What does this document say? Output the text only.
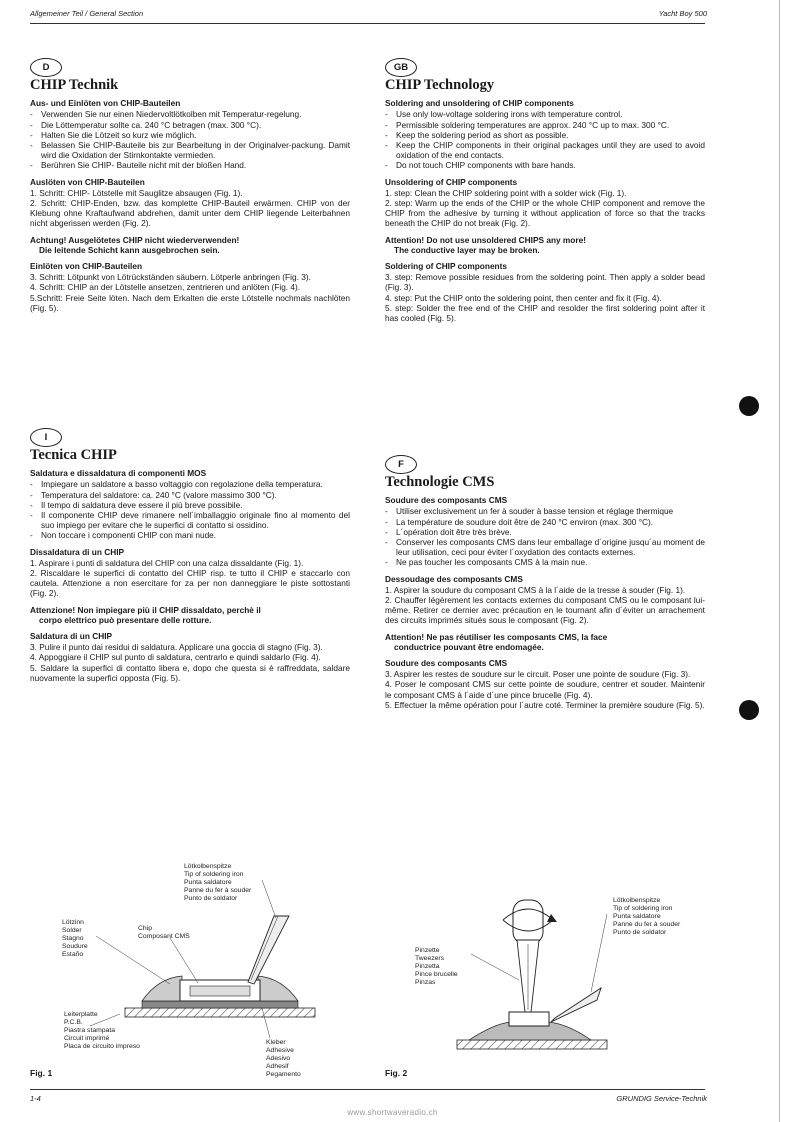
Allgemeiner Teil / General Section	Yacht Boy 500
D
CHIP Technik
Aus- und Einlöten von CHIP-Bauteilen
- Verwenden Sie nur einen Niedervoltlötkolben mit Temperatur-regelung.
- Die Löttemperatur sollte ca. 240 °C betragen (max. 300 °C).
- Halten Sie die Lötzeit so kurz wie möglich.
- Belassen Sie CHIP-Bauteile bis zur Bearbeitung in der Originalver-packung. Damit wird die Oxidation der Stirnkontakte vermieden.
- Berühren Sie CHIP- Bauteile nicht mit der bloßen Hand.
Auslöten von CHIP-Bauteilen
1. Schritt: CHIP- Lötstelle mit Sauglitze absaugen (Fig. 1).
2. Schritt: CHIP-Enden, bzw. das komplette CHIP-Bauteil erwärmen. CHIP von der Klebung ohne Kraftaufwand abdrehen, damit unter dem CHIP liegende Leiterbahnen nicht abgerissen werden (Fig. 2).
Achtung! Ausgelötetes CHIP nicht wiederverwenden!
Die leitende Schicht kann ausgebrochen sein.
Einlöten von CHIP-Bauteilen
3. Schritt: Lötpunkt von Lötrückständen säubern. Lötperle anbringen (Fig. 3).
4. Schritt: CHIP an der Lötstelle ansetzen, zentrieren und anlöten (Fig. 4).
5.Schritt: Freie Seite löten. Nach dem Erkalten die erste Lötstelle nochmals nachlöten (Fig. 5).
I
Tecnica CHIP
Saldatura e dissaldatura di componenti MOS
- Impiegare un saldatore a basso voltaggio con regolazione della temperatura.
- Temperatura del saldatore: ca. 240 °C (valore massimo 300 °C).
- Il tempo di saldatura deve essere il più breve possibile.
- Il componente CHIP deve rimanere nell´imballaggio originale fino al momento del suo impiego per evitare che le superfici di contatto si ossidino.
- Non toccare i componenti CHIP con mani nude.
Dissaldatura di un CHIP
1. Aspirare i punti di saldatura del CHIP con una calza dissaldante (Fig. 1).
2. Riscaldare le superfici di contatto del CHIP risp. te tutto il CHIP e staccarlo con cautela. Attenzione a non esercitare for za per non danneggiare le piste sottostanti (Fig. 2).
Attenzione! Non impiegare più il CHIP dissaldato, perchè il
corpo elettrico può presentare delle rotture.
Saldatura di un CHIP
3. Pulire il punto dai residui di saldatura. Applicare una goccia di stagno (Fig. 3).
4. Appoggiare il CHIP sul punto di saldatura, centrarlo e quindi saldarlo (Fig. 4).
5. Saldare la superfici di contatto libera e, dopo che questa si è raffreddata, saldare nuovamente la superfici opposta (Fig. 5).
GB
CHIP Technology
Soldering and unsoldering of CHIP components
- Use only low-voltage soldering irons with temperature control.
- Permissible soldering temperatures are approx. 240 °C up to max. 300 °C.
- Keep the soldering period as short as possible.
- Keep the CHIP components in their original packages until they are used to avoid oxidation of the end contacts.
- Do not touch CHIP components with bare hands.
Unsoldering of CHIP components
1. step: Clean the CHIP soldering point with a solder wick (Fig. 1).
2. step: Warm up the ends of the CHIP or the whole CHIP component and remove the CHIP from the adhesive by turning it without application of force so that the tracks beneath the CHIP do not break (Fig. 2).
Attention! Do not use unsoldered CHIPS any more!
The conductive layer may be broken.
Soldering of CHIP components
3. step: Remove possible residues from the soldering point. Then apply a solder bead (Fig. 3).
4. step: Put the CHIP onto the soldering point, then center and fix it (Fig. 4).
5. step: Solder the free end of the CHIP and resolder the first soldering point after it has cooled (Fig. 5).
F
Technologie CMS
Soudure des composants CMS
- Utiliser exclusivement un fer à souder à basse tension et réglage thermique
- La température de soudure doit être de 240 °C environ (max. 300 °C).
- L´opération doit être très brève.
- Conserver les composants CMS dans leur emballage d´origine jusqu´au moment de leur utilisation, ceci pour éviter l´oxydation des contacts externes.
- Ne pas toucher les composants CMS à la main nue.
Dessoudage des composants CMS
1. Aspirer la soudure du composant CMS à la l´aide de la tresse à souder (Fig. 1).
2. Chauffer légèrement les contacts externes du composant CMS ou le composant lui-même. Retirer ce dernier avec précaution en le tournant afin d´éviter un arrachement des circuits imprimés situés sous le composant (Fig. 2).
Attention! Ne pas réutiliser les composants CMS, la face
conductrice pouvant être endomagée.
Soudure des composants CMS
3. Aspirer les restes de soudure sur le circuit. Poser une pointe de soudure (Fig. 3).
4. Poser le composant CMS sur cette pointe de soudure, centrer et souder. Maintenir le composant CMS à l´aide d´une pince brucelle (Fig. 4).
5. Effectuer la même opération pour l´autre coté. Terminer la première soudure (Fig. 5).
Lötkolbenspitze
Tip of soldering iron
Punta saldatore
Panne du fer à souder
Punto de soldator
Lötzinn
Solder
Stagno
Soudure
Estaño
Chip
Composant CMS
Leiterplatte
P.C.B.
Piastra stampata
Circuit imprimé
Placa de circuito impreso
Kleber
Adhesive
Adesivo
Adhesif
Pegamento
Fig. 1
Pinzette
Tweezers
Pinzetta
Pince brucelle
Pinzas
Lötkolbenspitze
Tip of soldering iron
Punta saldatore
Panne du fer à souder
Punto de soldator
Fig. 2
1-4	GRUNDIG Service-Technik
www.shortwaveradio.ch
